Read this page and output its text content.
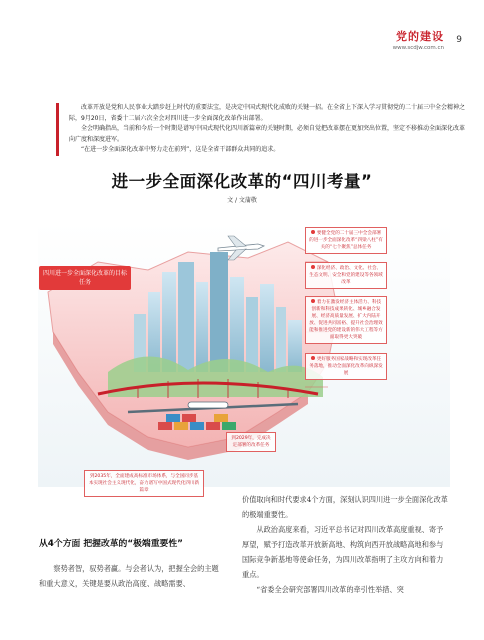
党的建设
www.scdjw.com.cn
9

改革开放是党和人民事业大踏步赶上时代的重要法宝，是决定中国式现代化成败的关键一招。在全省上下深入学习贯彻党的二十届三中全会精神之际，9月20日，省委十二届六次全会对四川进一步全面深化改革作出部署。

全会明确指出，当前和今后一个时期是谱写中国式现代化四川新篇章的关键时期，必须自觉把改革摆在更加突出位置，坚定不移推动全面深化改革向广度和深度进军。

“在进一步全面深化改革中努力走在前列”，这是全省干部群众共同的追求。

进一步全面深化改革的“四川考量”
文 / 文蒲敬
四川进一步全面深化改革的目标任务
要健全党的二十届三中全会部署的进一步全面深化改革“四梁八柱”有关的“七个聚焦”总体任务
深化经济、政治、文化、社会、生态文明、安全和党的建设等各领域改革
着力在激发经济主体活力、科技创新和科技成果转化、城乡融合发展、经济高质量发展、扩大内陆开放、促进共同富裕、提升社会治理效能和推进党的建设新的伟大工程等方面取得更大突破
更好服务国家战略和实现改革任务落地，推动全面深化改革向纵深发展
到2029年，完成决定部署的改革任务
到2035年，全面建成高标准市场体系，与全国同步基本实现社会主义现代化，奋力谱写中国式现代化四川新篇章
从4个方面 把握改革的“极端重要性”

察势者智，驭势者赢。与会者认为，把握全会的主题和重大意义，关键是要从政治高度、战略需要、

价值取向和时代要求4个方面，深刻认识四川进一步全面深化改革的极端重要性。

从政治高度来看，习近平总书记对四川改革高度重视、寄予厚望，赋予打造改革开放新高地、构筑向西开放战略高地和参与国际竞争新基地等使命任务，为四川改革指明了主攻方向和着力重点。

“省委全会研究部署四川改革的牵引性举措、突
